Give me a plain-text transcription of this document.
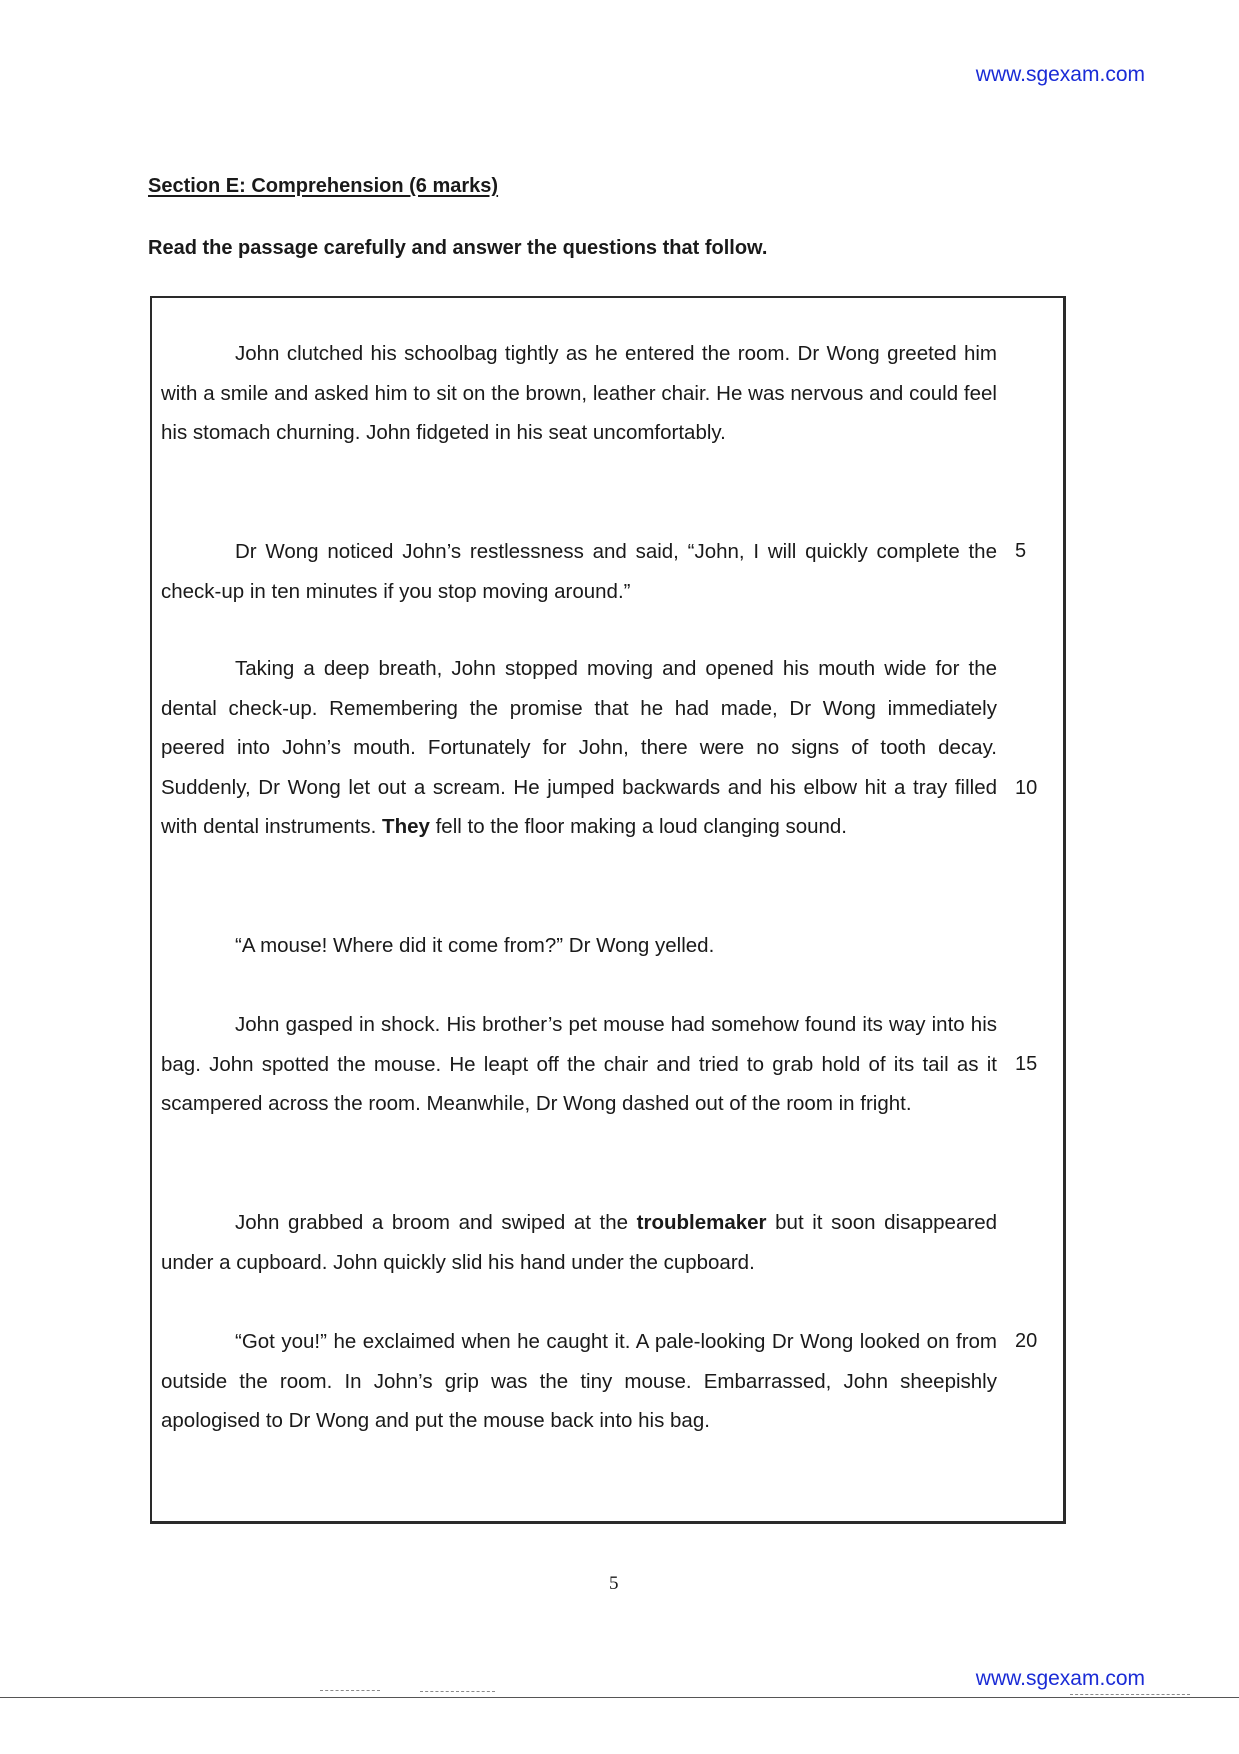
www.sgexam.com
Section E: Comprehension (6 marks)
Read the passage carefully and answer the questions that follow.

John clutched his schoolbag tightly as he entered the room. Dr Wong greeted him with a smile and asked him to sit on the brown, leather chair. He was nervous and could feel his stomach churning. John fidgeted in his seat uncomfortably.

Dr Wong noticed John’s restlessness and said, “John, I will quickly complete the check-up in ten minutes if you stop moving around.”

5

Taking a deep breath, John stopped moving and opened his mouth wide for the dental check-up. Remembering the promise that he had made, Dr Wong immediately peered into John’s mouth. Fortunately for John, there were no signs of tooth decay. Suddenly, Dr Wong let out a scream. He jumped backwards and his elbow hit a tray filled with dental instruments. They fell to the floor making a loud clanging sound.

10

“A mouse! Where did it come from?” Dr Wong yelled.

John gasped in shock. His brother’s pet mouse had somehow found its way into his bag. John spotted the mouse. He leapt off the chair and tried to grab hold of its tail as it scampered across the room. Meanwhile, Dr Wong dashed out of the room in fright.

15

John grabbed a broom and swiped at the troublemaker but it soon disappeared under a cupboard. John quickly slid his hand under the cupboard.

“Got you!” he exclaimed when he caught it. A pale-looking Dr Wong looked on from outside the room. In John’s grip was the tiny mouse. Embarrassed, John sheepishly apologised to Dr Wong and put the mouse back into his bag.

20
5
www.sgexam.com
